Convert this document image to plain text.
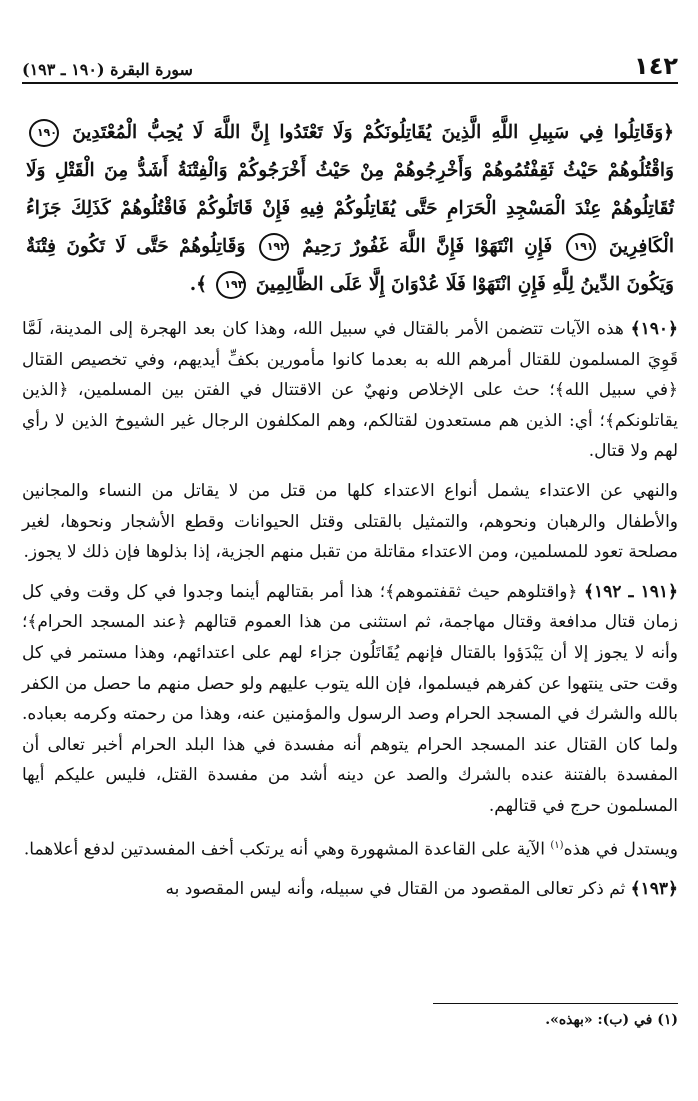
١٤٢
سورة البقرة (١٩٠ ـ ١٩٣)
﴿وَقَاتِلُوا فِي سَبِيلِ اللَّهِ الَّذِينَ يُقَاتِلُونَكُمْ وَلَا تَعْتَدُوا إِنَّ اللَّهَ لَا يُحِبُّ الْمُعْتَدِينَ ١٩٠ وَاقْتُلُوهُمْ حَيْثُ ثَقِفْتُمُوهُمْ وَأَخْرِجُوهُمْ مِنْ حَيْثُ أَخْرَجُوكُمْ وَالْفِتْنَةُ أَشَدُّ مِنَ الْقَتْلِ وَلَا تُقَاتِلُوهُمْ عِنْدَ الْمَسْجِدِ الْحَرَامِ حَتَّى يُقَاتِلُوكُمْ فِيهِ فَإِنْ قَاتَلُوكُمْ فَاقْتُلُوهُمْ كَذَلِكَ جَزَاءُ الْكَافِرِينَ ١٩١ فَإِنِ انْتَهَوْا فَإِنَّ اللَّهَ غَفُورٌ رَحِيمٌ ١٩٢ وَقَاتِلُوهُمْ حَتَّى لَا تَكُونَ فِتْنَةٌ وَيَكُونَ الدِّينُ لِلَّهِ فَإِنِ انْتَهَوْا فَلَا عُدْوَانَ إِلَّا عَلَى الظَّالِمِينَ ١٩٣ ﴾.

﴿١٩٠﴾ هذه الآيات تتضمن الأمر بالقتال في سبيل الله، وهذا كان بعد الهجرة إلى المدينة، لَمَّا قَوِيَ المسلمون للقتال أمرهم الله به بعدما كانوا مأمورين بكفِّ أيديهم، وفي تخصيص القتال ﴿في سبيل الله﴾؛ حث على الإخلاص ونهيٌ عن الاقتتال في الفتن بين المسلمين، ﴿الذين يقاتلونكم﴾؛ أي: الذين هم مستعدون لقتالكم، وهم المكلفون الرجال غير الشيوخ الذين لا رأي لهم ولا قتال.

والنهي عن الاعتداء يشمل أنواع الاعتداء كلها من قتل من لا يقاتل من النساء والمجانين والأطفال والرهبان ونحوهم، والتمثيل بالقتلى وقتل الحيوانات وقطع الأشجار ونحوها، لغير مصلحة تعود للمسلمين، ومن الاعتداء مقاتلة من تقبل منهم الجزية، إذا بذلوها فإن ذلك لا يجوز.

﴿١٩١ ـ ١٩٢﴾ ﴿واقتلوهم حيث ثقفتموهم﴾؛ هذا أمر بقتالهم أينما وجدوا في كل وقت وفي كل زمان قتال مدافعة وقتال مهاجمة، ثم استثنى من هذا العموم قتالهم ﴿عند المسجد الحرام﴾؛ وأنه لا يجوز إلا أن يَبْدَؤوا بالقتال فإنهم يُقَاتَلُون جزاء لهم على اعتدائهم، وهذا مستمر في كل وقت حتى ينتهوا عن كفرهم فيسلموا، فإن الله يتوب عليهم ولو حصل منهم ما حصل من الكفر بالله والشرك في المسجد الحرام وصد الرسول والمؤمنين عنه، وهذا من رحمته وكرمه بعباده. ولما كان القتال عند المسجد الحرام يتوهم أنه مفسدة في هذا البلد الحرام أخبر تعالى أن المفسدة بالفتنة عنده بالشرك والصد عن دينه أشد من مفسدة القتل، فليس عليكم أيها المسلمون حرج في قتالهم.

ويستدل في هذه$^{(١)}$ الآية على القاعدة المشهورة وهي أنه يرتكب أخف المفسدتين لدفع أعلاهما.

﴿١٩٣﴾ ثم ذكر تعالى المقصود من القتال في سبيله، وأنه ليس المقصود به

(١) في (ب): «بهذه».
